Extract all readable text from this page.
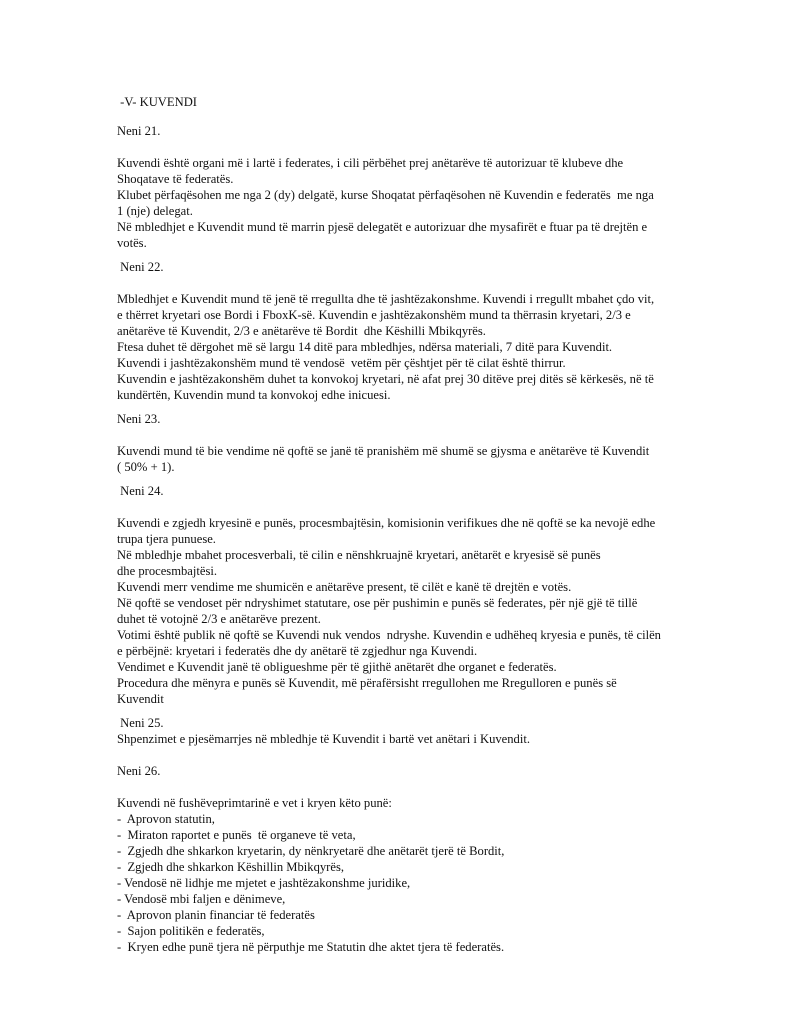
-V- KUVENDI
Neni 21.
Kuvendi është organi më i lartë i federates, i cili përbëhet prej anëtarëve të autorizuar të klubeve dhe
Shoqatave të federatës.
Klubet përfaqësohen me nga 2 (dy) delgatë, kurse Shoqatat përfaqësohen në Kuvendin e federatës  me nga
1 (nje) delegat.
Në mbledhjet e Kuvendit mund të marrin pjesë delegatët e autorizuar dhe mysafirët e ftuar pa të drejtën e
votës.
Neni 22.
Mbledhjet e Kuvendit mund të jenë të rregullta dhe të jashtëzakonshme. Kuvendi i rregullt mbahet çdo vit,
e thërret kryetari ose Bordi i FboxK-së. Kuvendin e jashtëzakonshëm mund ta thërrasin kryetari, 2/3 e
anëtarëve të Kuvendit, 2/3 e anëtarëve të Bordit  dhe Këshilli Mbikqyrës.
Ftesa duhet të dërgohet më së largu 14 ditë para mbledhjes, ndërsa materiali, 7 ditë para Kuvendit.
Kuvendi i jashtëzakonshëm mund të vendosë  vetëm për çështjet për të cilat është thirrur.
Kuvendin e jashtëzakonshëm duhet ta konvokoj kryetari, në afat prej 30 ditëve prej ditës së kërkesës, në të
kundërtën, Kuvendin mund ta konvokoj edhe inicuesi.
Neni 23.
Kuvendi mund të bie vendime në qoftë se janë të pranishëm më shumë se gjysma e anëtarëve të Kuvendit
( 50% + 1).
Neni 24.
Kuvendi e zgjedh kryesinë e punës, procesmbajtësin, komisionin verifikues dhe në qoftë se ka nevojë edhe
trupa tjera punuese.
Në mbledhje mbahet procesverbali, të cilin e nënshkruajnë kryetari, anëtarët e kryesisë së punës
dhe procesmbajtësi.
Kuvendi merr vendime me shumicën e anëtarëve present, të cilët e kanë të drejtën e votës.
Në qoftë se vendoset për ndryshimet statutare, ose për pushimin e punës së federates, për një gjë të tillë
duhet të votojnë 2/3 e anëtarëve prezent.
Votimi është publik në qoftë se Kuvendi nuk vendos  ndryshe. Kuvendin e udhëheq kryesia e punës, të cilën
e përbëjnë: kryetari i federatës dhe dy anëtarë të zgjedhur nga Kuvendi.
Vendimet e Kuvendit janë të obligueshme për të gjithë anëtarët dhe organet e federatës.
Procedura dhe mënyra e punës së Kuvendit, më përafërsisht rregullohen me Rregulloren e punës së
Kuvendit
Neni 25.
Shpenzimet e pjesëmarrjes në mbledhje të Kuvendit i bartë vet anëtari i Kuvendit.
Neni 26.
Kuvendi në fushëveprimtarinë e vet i kryen këto punë:
-  Aprovon statutin,
-  Miraton raportet e punës  të organeve të veta,
-  Zgjedh dhe shkarkon kryetarin, dy nënkryetarë dhe anëtarët tjerë të Bordit,
-  Zgjedh dhe shkarkon Këshillin Mbikqyrës,
- Vendosë në lidhje me mjetet e jashtëzakonshme juridike,
- Vendosë mbi faljen e dënimeve,
-  Aprovon planin financiar të federatës
-  Sajon politikën e federatës,
-  Kryen edhe punë tjera në përputhje me Statutin dhe aktet tjera të federatës.
